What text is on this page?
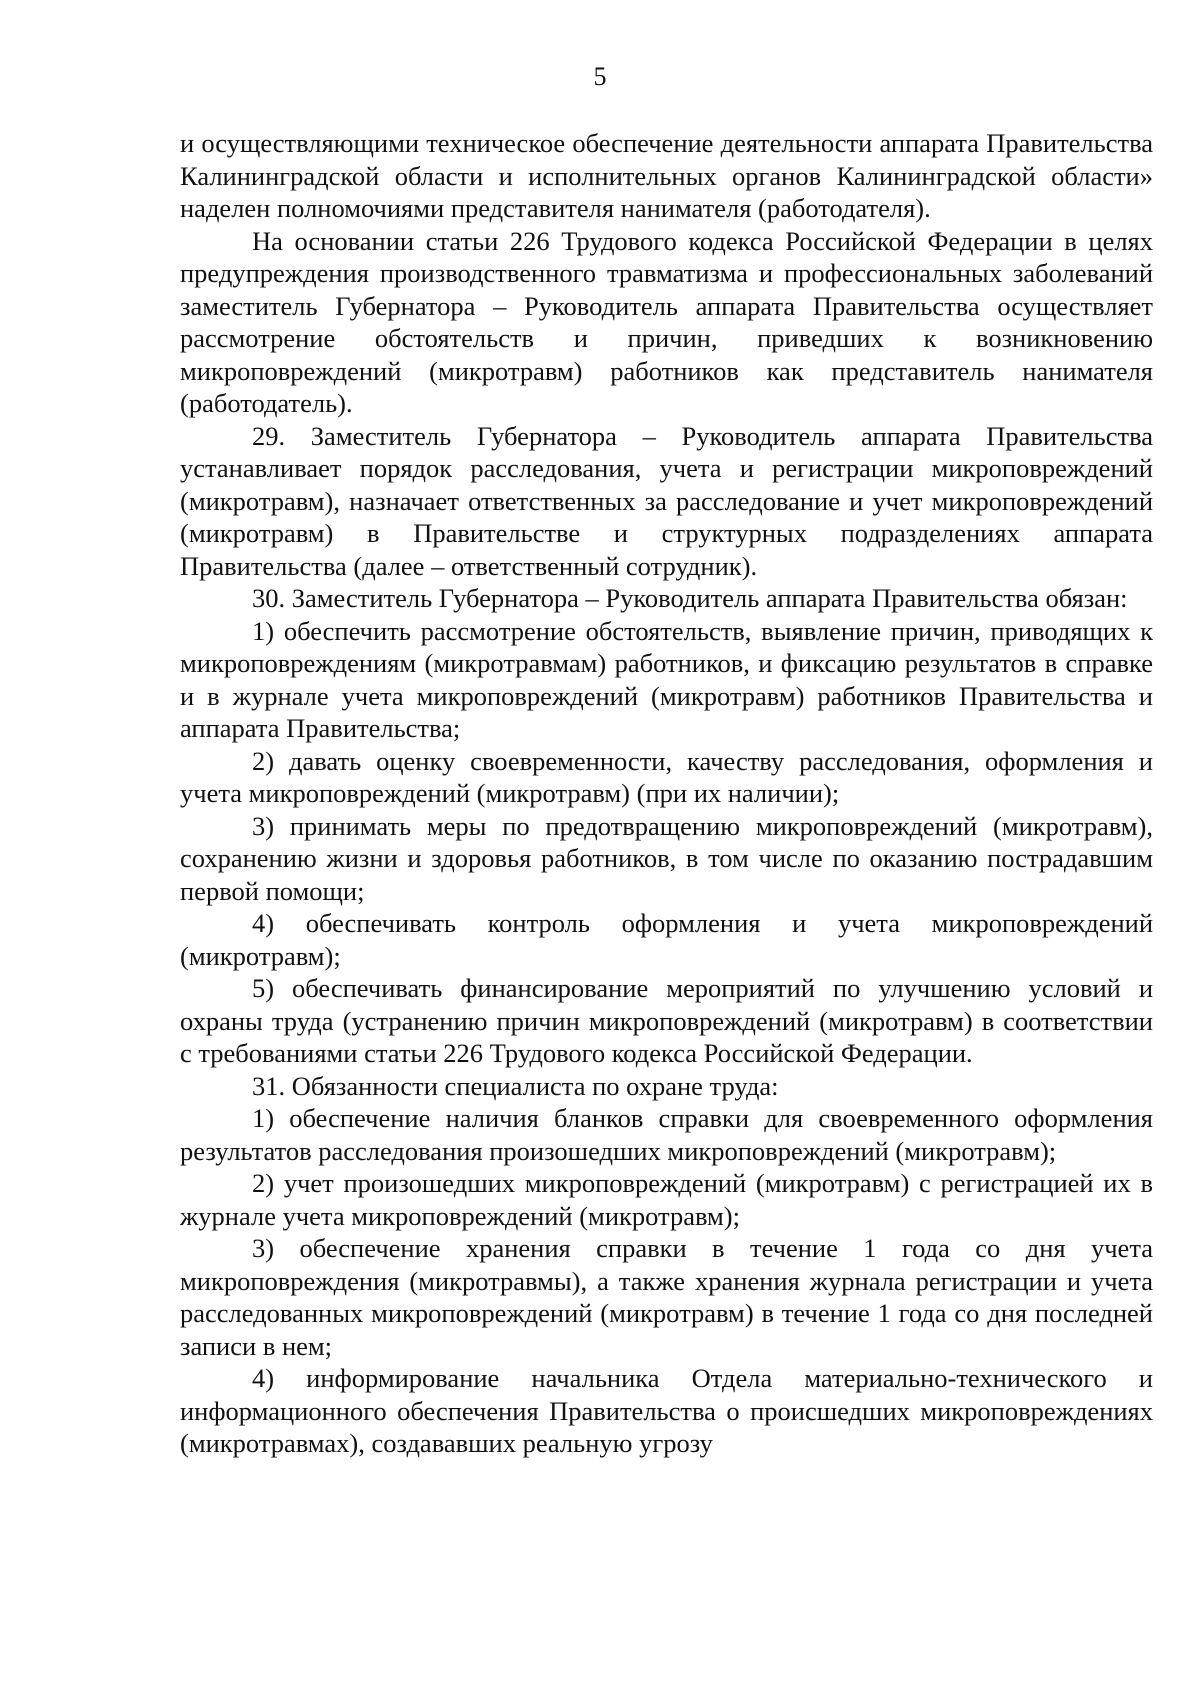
5

и осуществляющими техническое обеспечение деятельности аппарата Правительства Калининградской области и исполнительных органов Калининградской области» наделен полномочиями представителя нанимателя (работодателя).

На основании статьи 226 Трудового кодекса Российской Федерации в целях предупреждения производственного травматизма и профессиональных заболеваний заместитель Губернатора – Руководитель аппарата Правительства осуществляет рассмотрение обстоятельств и причин, приведших к возникновению микроповреждений (микротравм) работников как представитель нанимателя (работодатель).

29. Заместитель Губернатора – Руководитель аппарата Правительства устанавливает порядок расследования, учета и регистрации микроповреждений (микротравм), назначает ответственных за расследование и учет микроповреждений (микротравм) в Правительстве и структурных подразделениях аппарата Правительства (далее – ответственный сотрудник).

30. Заместитель Губернатора – Руководитель аппарата Правительства обязан:

1) обеспечить рассмотрение обстоятельств, выявление причин, приводящих к микроповреждениям (микротравмам) работников, и фиксацию результатов в справке и в журнале учета микроповреждений (микротравм) работников Правительства и аппарата Правительства;

2) давать оценку своевременности, качеству расследования, оформления и учета микроповреждений (микротравм) (при их наличии);

3) принимать меры по предотвращению микроповреждений (микротравм), сохранению жизни и здоровья работников, в том числе по оказанию пострадавшим первой помощи;

4) обеспечивать контроль оформления и учета микроповреждений (микротравм);

5) обеспечивать финансирование мероприятий по улучшению условий и охраны труда (устранению причин микроповреждений (микротравм) в соответствии с требованиями статьи 226 Трудового кодекса Российской Федерации.

31. Обязанности специалиста по охране труда:

1) обеспечение наличия бланков справки для своевременного оформления результатов расследования произошедших микроповреждений (микротравм);

2) учет произошедших микроповреждений (микротравм) с регистрацией их в журнале учета микроповреждений (микротравм);

3) обеспечение хранения справки в течение 1 года со дня учета микроповреждения (микротравмы), а также хранения журнала регистрации и учета расследованных микроповреждений (микротравм) в течение 1 года со дня последней записи в нем;

4) информирование начальника Отдела материально-технического и информационного обеспечения Правительства о происшедших микроповреждениях (микротравмах), создававших реальную угрозу
